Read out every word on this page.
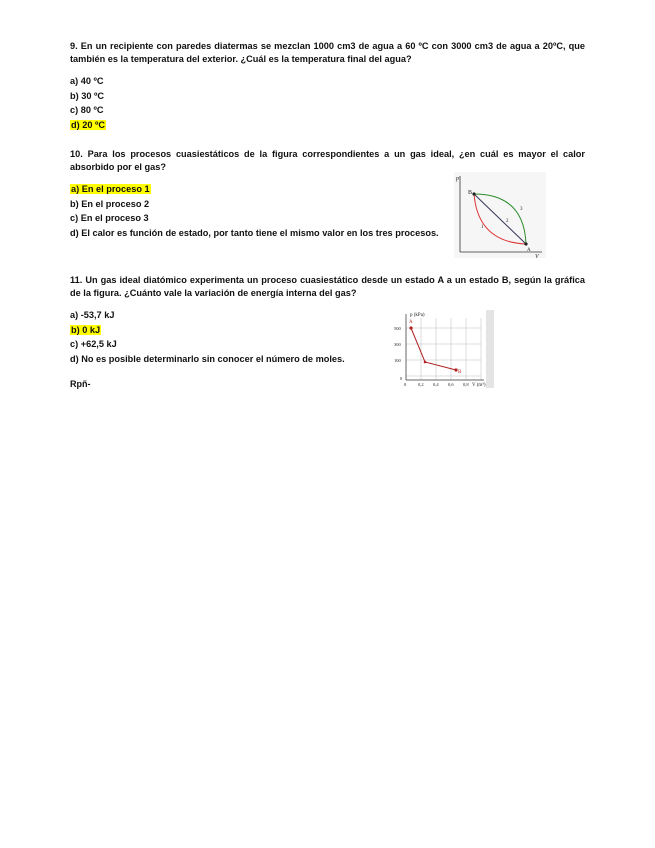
9. En un recipiente con paredes diatermas se mezclan 1000 cm3 de agua a 60 ºC con 3000 cm3 de agua a 20ºC, que también es la temperatura del exterior. ¿Cuál es la temperatura final del agua?
a) 40 ºC
b) 30 ºC
c) 80 ºC
d) 20 ºC
10. Para los procesos cuasiestáticos de la figura correspondientes a un gas ideal, ¿en cuál es mayor el calor absorbido por el gas?
a) En el proceso 1
b) En el proceso 2
c) En el proceso 3
d) El calor es función de estado, por tanto tiene el mismo valor en los tres procesos.
p
V
B
A
1
2
3
11. Un gas ideal diatómico experimenta un proceso cuasiestático desde un estado A a un estado B, según la gráfica de la figura. ¿Cuánto vale la variación de energía interna del gas?
a) -53,7 kJ
b) 0 kJ
c) +62,5 kJ
d) No es posible determinarlo sin conocer el número de moles.
p (kPa)
V (m³)
500
300
100
0
0	0,2 0,4 0,6 0,8
A
B
Rpñ-
